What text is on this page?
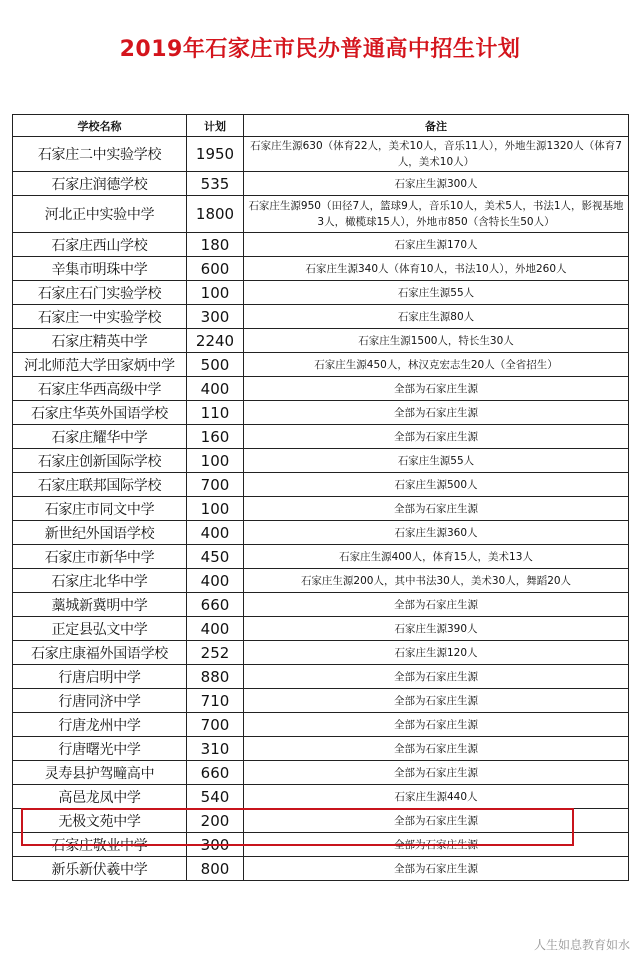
2019年石家庄市民办普通高中招生计划
学校名称	计划	备注
石家庄二中实验学校	1950	石家庄生源630（体育22人，美术10人，音乐11人），外地生源1320人（体育7人，美术10人）
石家庄润德学校	535	石家庄生源300人
河北正中实验中学	1800	石家庄生源950（田径7人，篮球9人，音乐10人，美术5人，书法1人，影视基地3人，橄榄球15人），外地市850（含特长生50人）
石家庄西山学校	180	石家庄生源170人
辛集市明珠中学	600	石家庄生源340人（体育10人，书法10人），外地260人
石家庄石门实验学校	100	石家庄生源55人
石家庄一中实验学校	300	石家庄生源80人
石家庄精英中学	2240	石家庄生源1500人，特长生30人
河北师范大学田家炳中学	500	石家庄生源450人，林汉克宏志生20人（全省招生）
石家庄华西高级中学	400	全部为石家庄生源
石家庄华英外国语学校	110	全部为石家庄生源
石家庄耀华中学	160	全部为石家庄生源
石家庄创新国际学校	100	石家庄生源55人
石家庄联邦国际学校	700	石家庄生源500人
石家庄市同文中学	100	全部为石家庄生源
新世纪外国语学校	400	石家庄生源360人
石家庄市新华中学	450	石家庄生源400人，体育15人，美术13人
石家庄北华中学	400	石家庄生源200人，其中书法30人，美术30人，舞蹈20人
藁城新冀明中学	660	全部为石家庄生源
正定县弘文中学	400	石家庄生源390人
石家庄康福外国语学校	252	石家庄生源120人
行唐启明中学	880	全部为石家庄生源
行唐同济中学	710	全部为石家庄生源
行唐龙州中学	700	全部为石家庄生源
行唐曙光中学	310	全部为石家庄生源
灵寿县护驾疃高中	660	全部为石家庄生源
高邑龙凤中学	540	石家庄生源440人
无极文苑中学	200	全部为石家庄生源
石家庄敬业中学	300	全部为石家庄生源
新乐新伏羲中学	800	全部为石家庄生源
人生如息教育如水
